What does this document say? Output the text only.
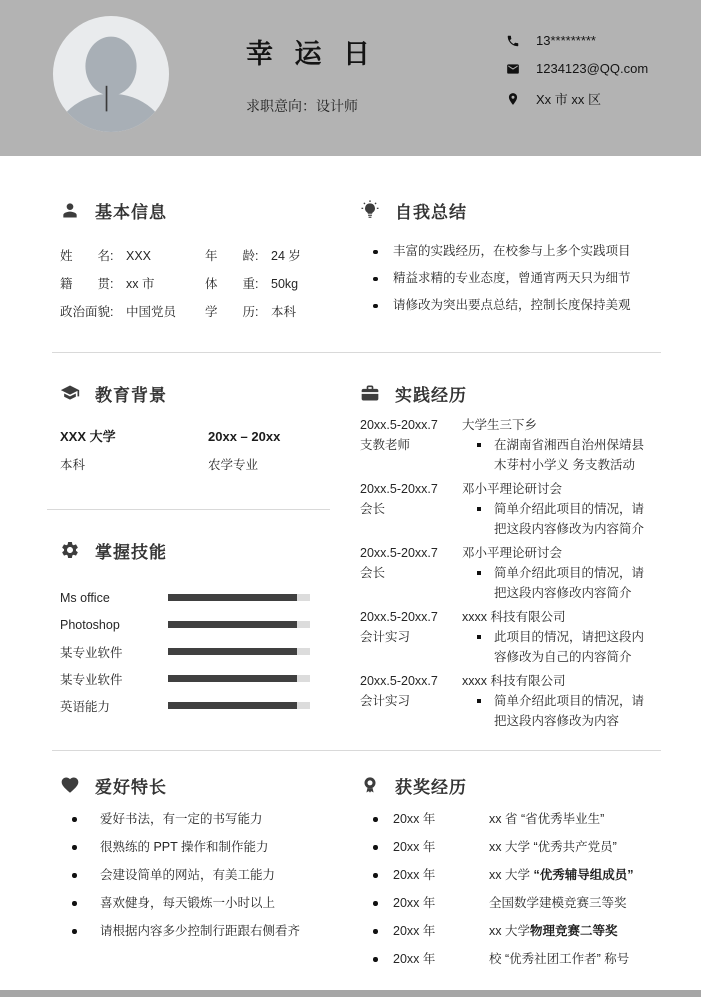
幸 运 日
求职意向：设计师
13*********
1234123@QQ.com
Xx 市 xx 区
基本信息
姓　　名: XXX	年　　龄: 24 岁
籍　　贯: xx 市	体　　重: 50kg
政治面貌: 中国党员	学　　历: 本科
自我总结
丰富的实践经历，在校参与上多个实践项目
精益求精的专业态度，曾通宵两天只为细节
请修改为突出要点总结，控制长度保持美观
教育背景
XXX 大学	20xx – 20xx
本科	农学专业
掌握技能
Ms office
Photoshop
某专业软件
某专业软件
英语能力
实践经历
20xx.5-20xx.7
支教老师
大学生三下乡
在湖南省湘西自治州保靖县木芽村小学义 务支教活动
20xx.5-20xx.7
会长
邓小平理论研讨会
简单介绍此项目的情况，请把这段内容修改为内容简介
20xx.5-20xx.7
会长
邓小平理论研讨会
简单介绍此项目的情况，请把这段内容修改内容简介
20xx.5-20xx.7
会计实习
xxxx 科技有限公司
此项目的情况，请把这段内容修改为自己的内容简介
20xx.5-20xx.7
会计实习
xxxx 科技有限公司
简单介绍此项目的情况，请把这段内容修改为内容
爱好特长
爱好书法，有一定的书写能力
很熟练的 PPT 操作和制作能力
会建设简单的网站，有美工能力
喜欢健身，每天锻炼一小时以上
请根据内容多少控制行距跟右侧看齐
获奖经历
20xx 年	xx 省 “省优秀毕业生”
20xx 年	xx 大学 “优秀共产党员”
20xx 年	xx 大学 “优秀辅导组成员”
20xx 年	全国数学建模竞赛三等奖
20xx 年	xx 大学物理竞赛二等奖
20xx 年	校 “优秀社团工作者” 称号
